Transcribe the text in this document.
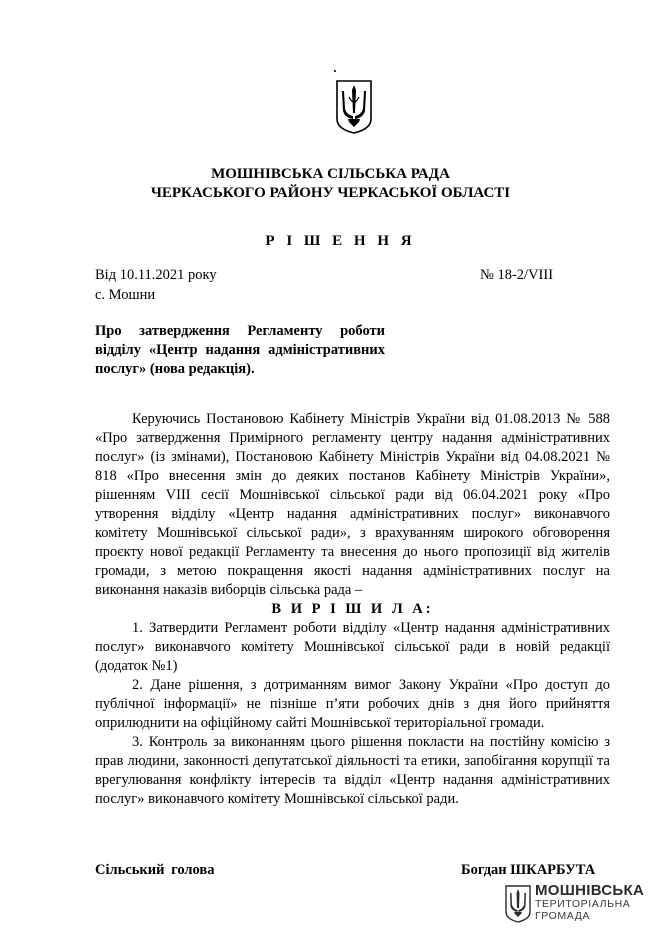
МОШНІВСЬКА СІЛЬСЬКА РАДА
ЧЕРКАСЬКОГО РАЙОНУ ЧЕРКАСЬКОЇ ОБЛАСТІ
Р І Ш Е Н Н Я
Від 10.11.2021 року
с. Мошни
№ 18-2/VIII
Про затвердження Регламенту роботи відділу «Центр надання адміністративних послуг» (нова редакція).

Керуючись Постановою Кабінету Міністрів України від 01.08.2013 № 588 «Про затвердження Примірного регламенту центру надання адміністративних послуг» (із змінами), Постановою Кабінету Міністрів України від 04.08.2021 № 818 «Про внесення змін до деяких постанов Кабінету Міністрів України», рішенням VIII сесії Мошнівської сільської ради від 06.04.2021 року «Про утворення відділу «Центр надання адміністративних послуг» виконавчого комітету Мошнівської сільської ради», з врахуванням широкого обговорення проєкту нової редакції Регламенту та внесення до нього пропозиції від жителів громади, з метою покращення якості надання адміністративних послуг на виконання наказів виборців сільська рада –

В И Р І Ш И Л А:

1. Затвердити Регламент роботи відділу «Центр надання адміністративних послуг» виконавчого комітету Мошнівської сільської ради в новій редакції (додаток №1)

2. Дане рішення, з дотриманням вимог Закону України «Про доступ до публічної інформації» не пізніше п’яти робочих днів з дня його прийняття оприлюднити на офіційному сайті Мошнівської територіальної громади.

3. Контроль за виконанням цього рішення покласти на постійну комісію з прав людини, законності депутатської діяльності та етики, запобігання корупції та врегулювання конфлікту інтересів та відділ «Центр надання адміністративних послуг» виконавчого комітету Мошнівської сільської ради.

Сільський голова	Богдан ШКАРБУТА
МОШНІВСЬКА
ТЕРИТОРІАЛЬНА
ГРОМАДА
